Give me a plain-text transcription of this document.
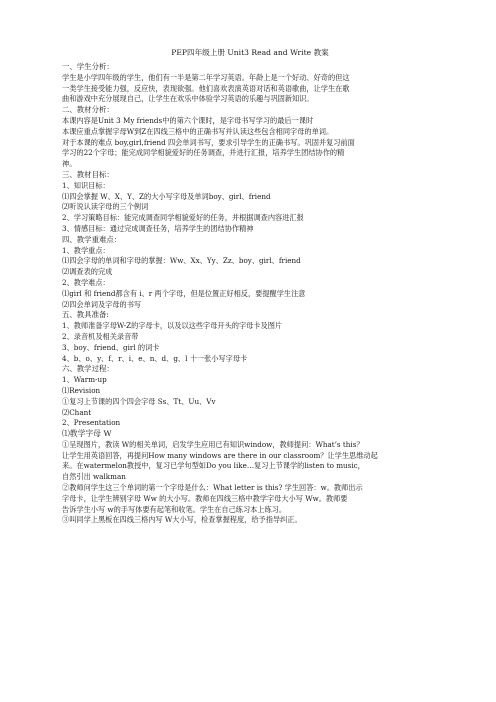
PEP四年级上册 Unit3 Read and Write 教案
一、学生分析：
学生是小学四年级的学生，他们有一半是第二年学习英语。年龄上是一个好动、好奇的但这
一类学生接受能力强，反应快，表现欲强。他们喜欢表演英语对话和英语歌曲，让学生在歌
曲和游戏中充分展现自己，让学生在欢乐中体验学习英语的乐趣与巩固新知识。
二、教材分析：
本课内容是Unit 3 My friends中的第六个课时，是字母书写学习的最后一课时
本课应重点掌握字母W到Z在四线三格中的正确书写并认读这些包含相同字母的单词。
对于本课的难点 boy,girl,friend 四会单词书写，要求引导学生的正确书写。巩固并复习前面
学习的22个字母；能完成同学相貌爱好的任务调查，并进行汇报，培养学生团结协作的精
神。
三、教材目标：
1、知识目标：
⑴四会掌握 W、X、Y、Z的大小写字母及单词boy、girl、friend
⑵听说认读字母的三个例词
2、学习策略目标：能完成调查同学相貌爱好的任务，并根据调查内容进汇报
3、情感目标：通过完成调查任务，培养学生的团结协作精神
四、教学重难点：
1、教学重点：
⑴四会字母的单词和字母的掌握：Ww、Xx、Yy、Zz、boy、girl、friend
⑵调查表的完成
2、教学难点：
⑴girl 和 friend都含有 i、r 两个字母，但是位置正好相反，要提醒学生注意
⑵四会单词及字母的书写
五、教具准备:
1、教师准备字母W-Z的字母卡，以及以这些字母开头的字母卡及图片
2、录音机及相关录音带
3、boy、friend、girl 的词卡
4、b、o、y、f、r、i、e、n、d、g、l 十一张小写字母卡
六、教学过程：
1、Warm-up
⑴Revision
①复习上节课的四个四会字母 Ss、Tt、Uu、Vv
⑵Chant
2、Presentation
⑴教学字母 W
①呈现图片，教读 W的相关单词，启发学生应用已有知识window，教师提问：What’s this？
让学生用英语回答，再提问How many windows are there in our classroom？让学生思维动起
来。在watermelon教授中，复习已学句型如Do you like…复习上节课学的listen to music，
自然引出 walkman
②教师问学生这三个单词的第一个字母是什么：What letter is this? 学生回答：w。教师出示
字母卡，让学生辨别字母 Ww 的大小写。教师在四线三格中教学字母大小写 Ww。教师要
告诉学生小写 w的手写体要有起笔和收笔。学生在自己练习本上练习。
③叫同学上黑板在四线三格内写 W大小写，检查掌握程度，给予指导纠正。
